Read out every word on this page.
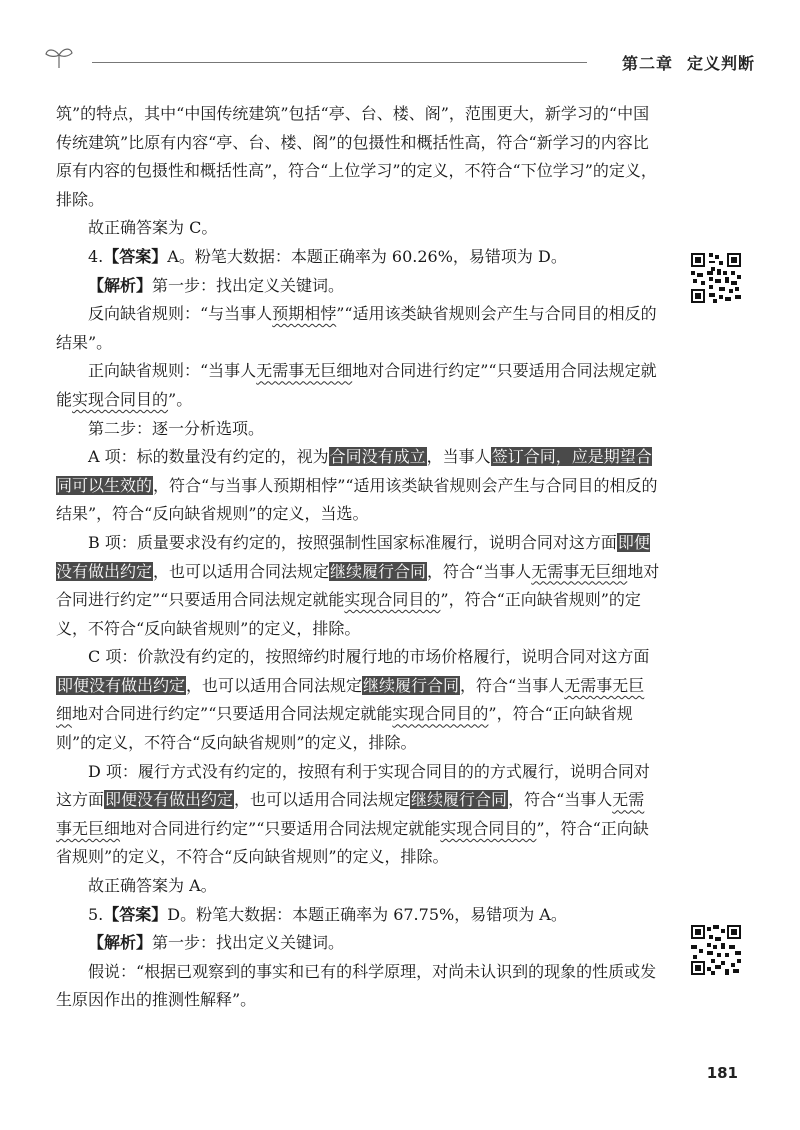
第二章 定义判断

筑”的特点，其中“中国传统建筑”包括“亭、台、楼、阁”，范围更大，新学习的“中国传统建筑”比原有内容“亭、台、楼、阁”的包摄性和概括性高，符合“新学习的内容比原有内容的包摄性和概括性高”，符合“上位学习”的定义，不符合“下位学习”的定义，排除。

故正确答案为 C。

4.【答案】A。粉笔大数据：本题正确率为 60.26%，易错项为 D。

【解析】第一步：找出定义关键词。

反向缺省规则：“与当事人预期相悖”“适用该类缺省规则会产生与合同目的相反的结果”。

正向缺省规则：“当事人无需事无巨细地对合同进行约定”“只要适用合同法规定就能实现合同目的”。

第二步：逐一分析选项。

A 项：标的数量没有约定的，视为合同没有成立，当事人签订合同，应是期望合同可以生效的，符合“与当事人预期相悖”“适用该类缺省规则会产生与合同目的相反的结果”，符合“反向缺省规则”的定义，当选。

B 项：质量要求没有约定的，按照强制性国家标准履行，说明合同对这方面即便没有做出约定，也可以适用合同法规定继续履行合同，符合“当事人无需事无巨细地对合同进行约定”“只要适用合同法规定就能实现合同目的”，符合“正向缺省规则”的定义，不符合“反向缺省规则”的定义，排除。

C 项：价款没有约定的，按照缔约时履行地的市场价格履行，说明合同对这方面即便没有做出约定，也可以适用合同法规定继续履行合同，符合“当事人无需事无巨细地对合同进行约定”“只要适用合同法规定就能实现合同目的”，符合“正向缺省规则”的定义，不符合“反向缺省规则”的定义，排除。

D 项：履行方式没有约定的，按照有利于实现合同目的的方式履行，说明合同对这方面即便没有做出约定，也可以适用合同法规定继续履行合同，符合“当事人无需事无巨细地对合同进行约定”“只要适用合同法规定就能实现合同目的”，符合“正向缺省规则”的定义，不符合“反向缺省规则”的定义，排除。

故正确答案为 A。

5.【答案】D。粉笔大数据：本题正确率为 67.75%，易错项为 A。

【解析】第一步：找出定义关键词。

假说：“根据已观察到的事实和已有的科学原理，对尚未认识到的现象的性质或发生原因作出的推测性解释”。

181
